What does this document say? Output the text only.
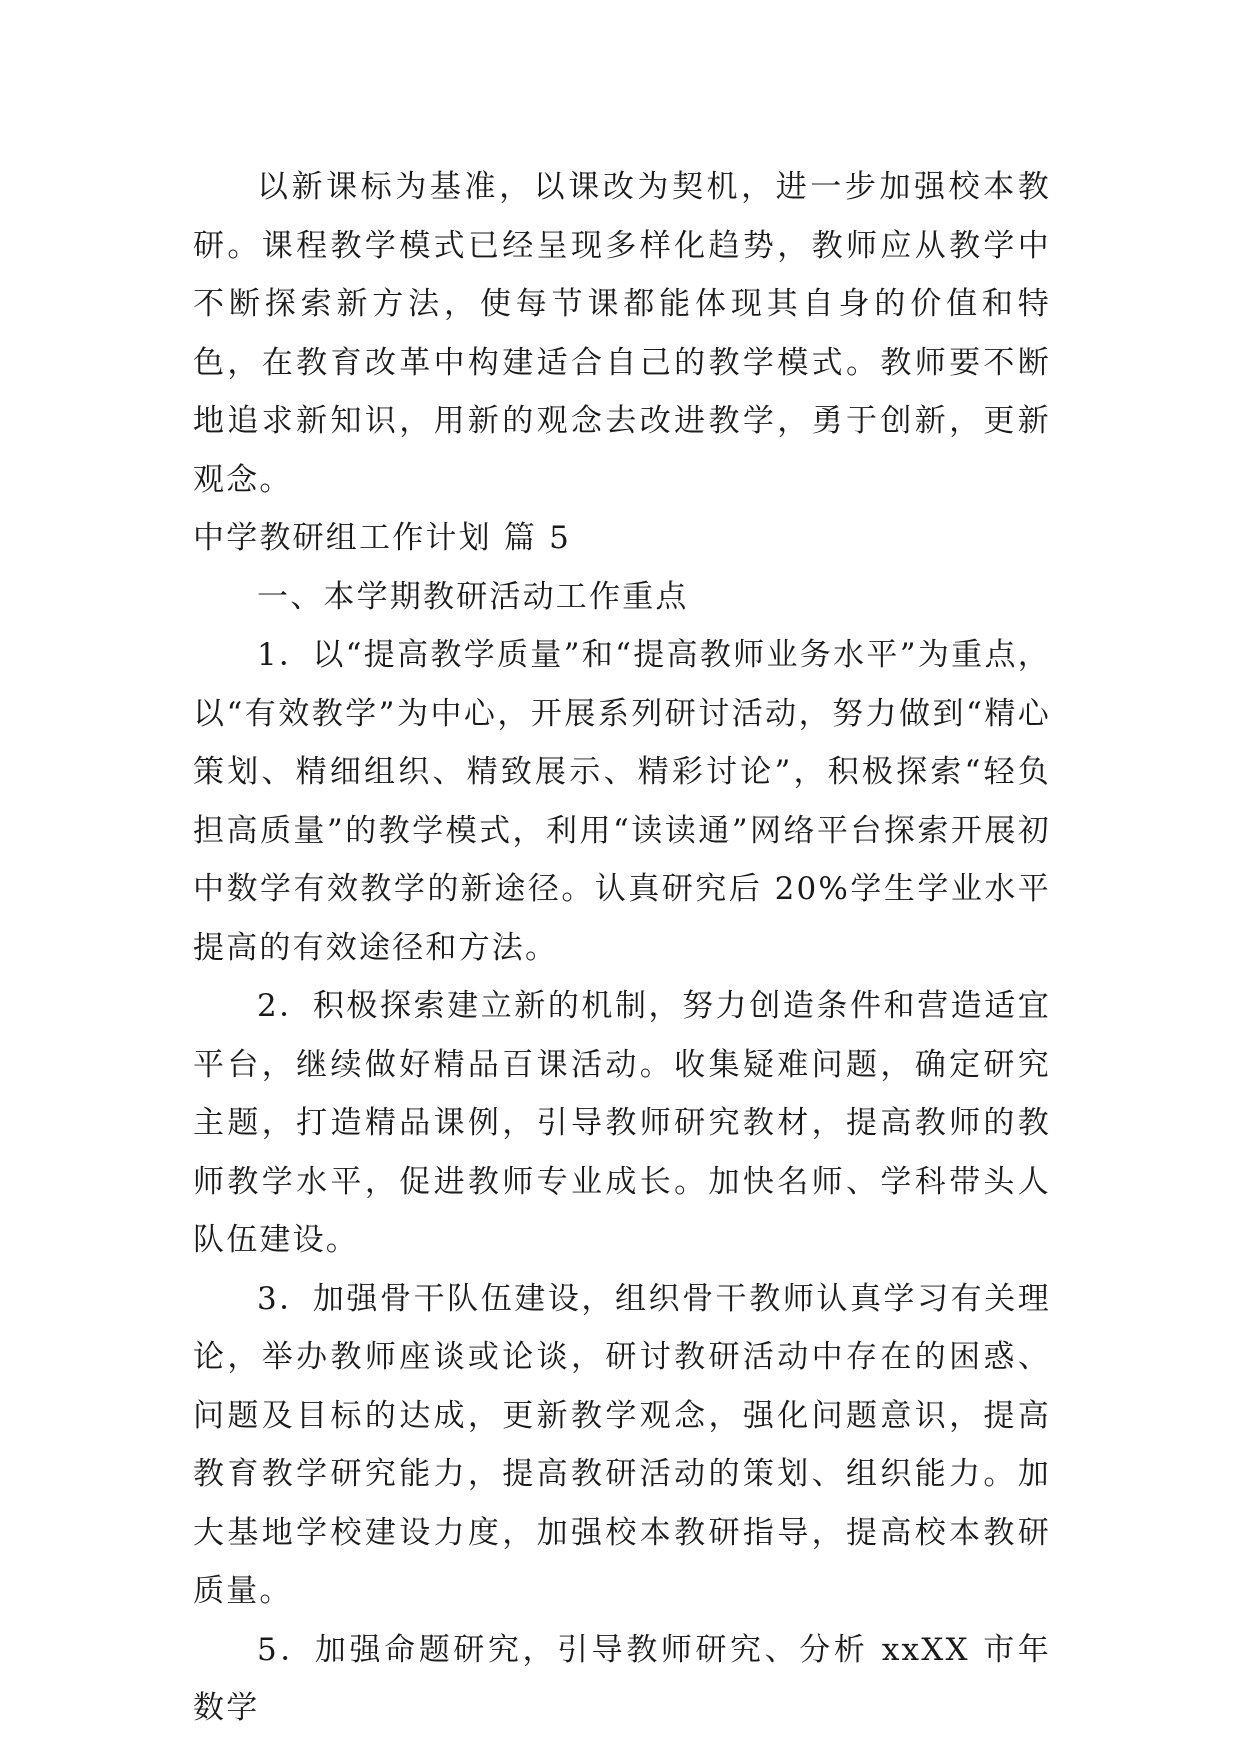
以新课标为基准，以课改为契机，进一步加强校本教研。课程教学模式已经呈现多样化趋势，教师应从教学中不断探索新方法，使每节课都能体现其自身的价值和特色，在教育改革中构建适合自己的教学模式。教师要不断地追求新知识，用新的观念去改进教学，勇于创新，更新观念。

中学教研组工作计划 篇 5

一、本学期教研活动工作重点

1．以“提高教学质量”和“提高教师业务水平”为重点，以“有效教学”为中心，开展系列研讨活动，努力做到“精心策划、精细组织、精致展示、精彩讨论”，积极探索“轻负担高质量”的教学模式，利用“读读通”网络平台探索开展初中数学有效教学的新途径。认真研究后 20%学生学业水平提高的有效途径和方法。

2．积极探索建立新的机制，努力创造条件和营造适宜平台，继续做好精品百课活动。收集疑难问题，确定研究主题，打造精品课例，引导教师研究教材，提高教师的教师教学水平，促进教师专业成长。加快名师、学科带头人队伍建设。

3．加强骨干队伍建设，组织骨干教师认真学习有关理论，举办教师座谈或论谈，研讨教研活动中存在的困惑、问题及目标的达成，更新教学观念，强化问题意识，提高教育教学研究能力，提高教研活动的策划、组织能力。加大基地学校建设力度，加强校本教研指导，提高校本教研质量。

5．加强命题研究，引导教师研究、分析 xxXX 市年数学
